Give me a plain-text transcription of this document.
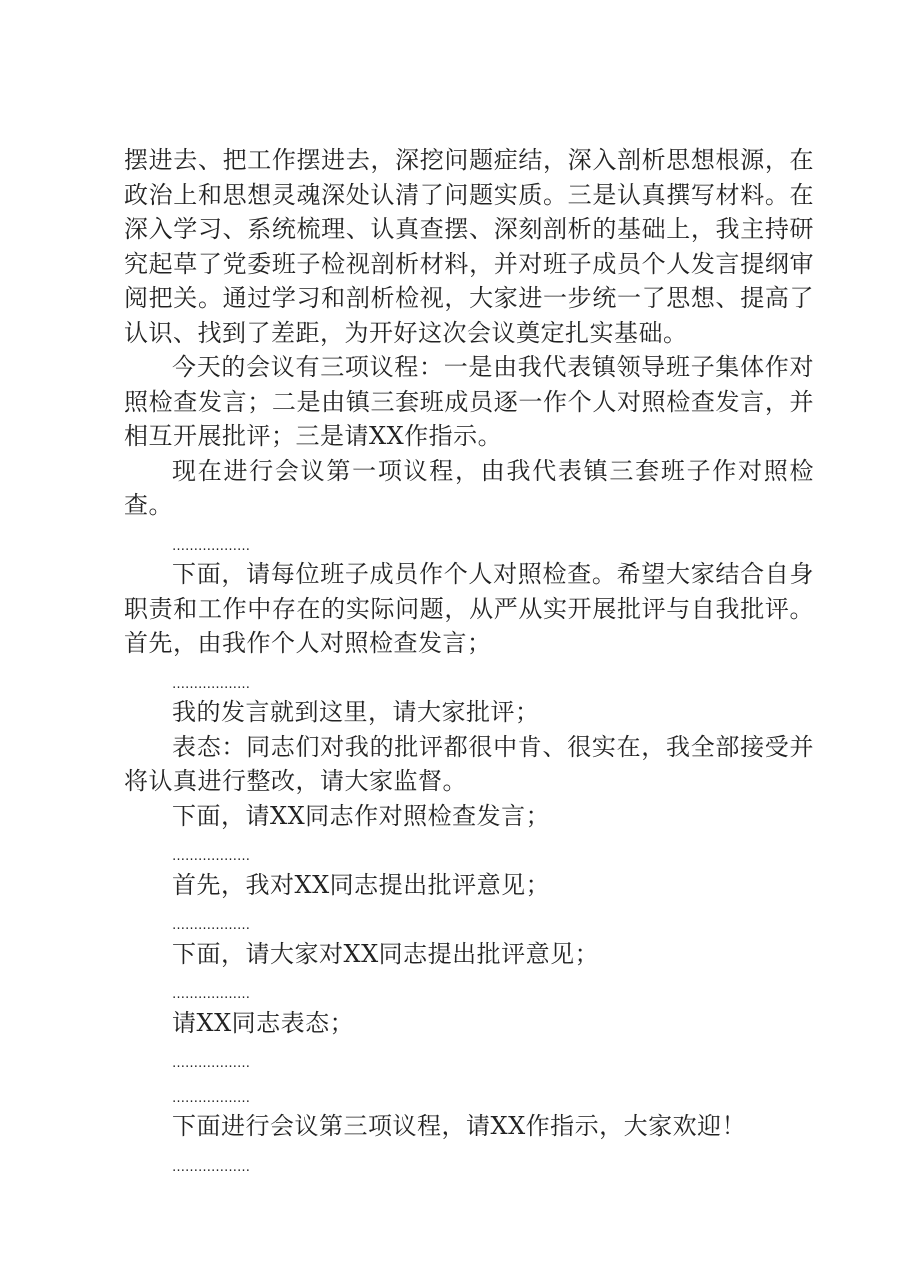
摆进去、把工作摆进去，深挖问题症结，深入剖析思想根源，在政治上和思想灵魂深处认清了问题实质。三是认真撰写材料。在深入学习、系统梳理、认真查摆、深刻剖析的基础上，我主持研究起草了党委班子检视剖析材料，并对班子成员个人发言提纲审阅把关。通过学习和剖析检视，大家进一步统一了思想、提高了认识、找到了差距，为开好这次会议奠定扎实基础。

今天的会议有三项议程：一是由我代表镇领导班子集体作对照检查发言；二是由镇三套班成员逐一作个人对照检查发言，并相互开展批评；三是请XX作指示。

现在进行会议第一项议程，由我代表镇三套班子作对照检查。

………………

下面，请每位班子成员作个人对照检查。希望大家结合自身职责和工作中存在的实际问题，从严从实开展批评与自我批评。首先，由我作个人对照检查发言；

………………

我的发言就到这里，请大家批评；

表态：同志们对我的批评都很中肯、很实在，我全部接受并将认真进行整改，请大家监督。

下面，请XX同志作对照检查发言；

………………

首先，我对XX同志提出批评意见；

………………

下面，请大家对XX同志提出批评意见；

………………

请XX同志表态；

………………

………………

下面进行会议第三项议程，请XX作指示，大家欢迎！

………………
